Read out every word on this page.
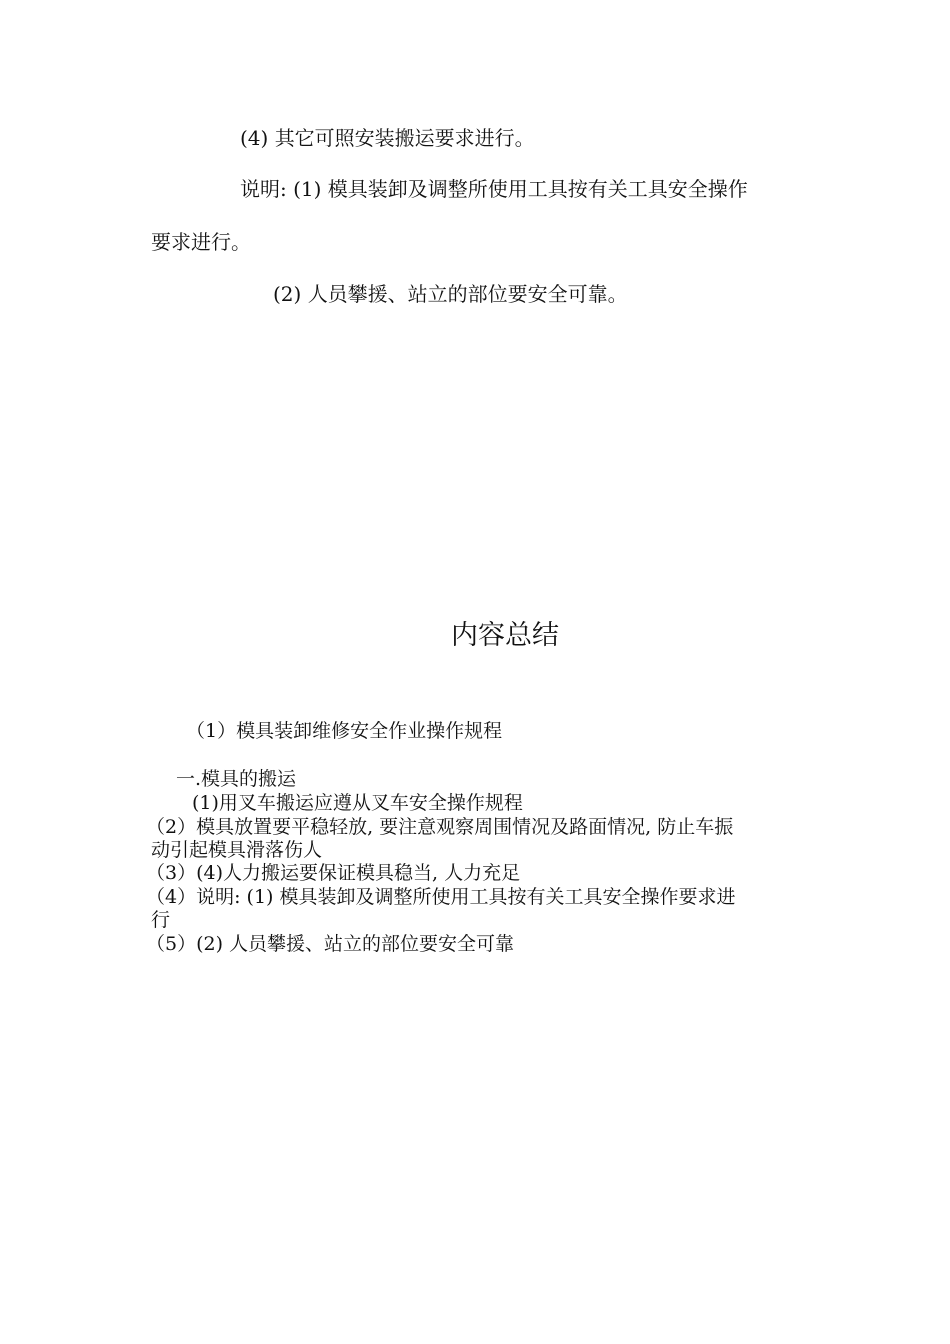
(4) 其它可照安装搬运要求进行。
说明: (1) 模具装卸及调整所使用工具按有关工具安全操作
要求进行。
(2) 人员攀援、站立的部位要安全可靠。
内容总结
（1）模具装卸维修安全作业操作规程
一.模具的搬运
(1)用叉车搬运应遵从叉车安全操作规程
（2）模具放置要平稳轻放, 要注意观察周围情况及路面情况, 防止车振
动引起模具滑落伤人
（3）(4)人力搬运要保证模具稳当, 人力充足
（4）说明: (1) 模具装卸及调整所使用工具按有关工具安全操作要求进
行
（5）(2) 人员攀援、站立的部位要安全可靠
